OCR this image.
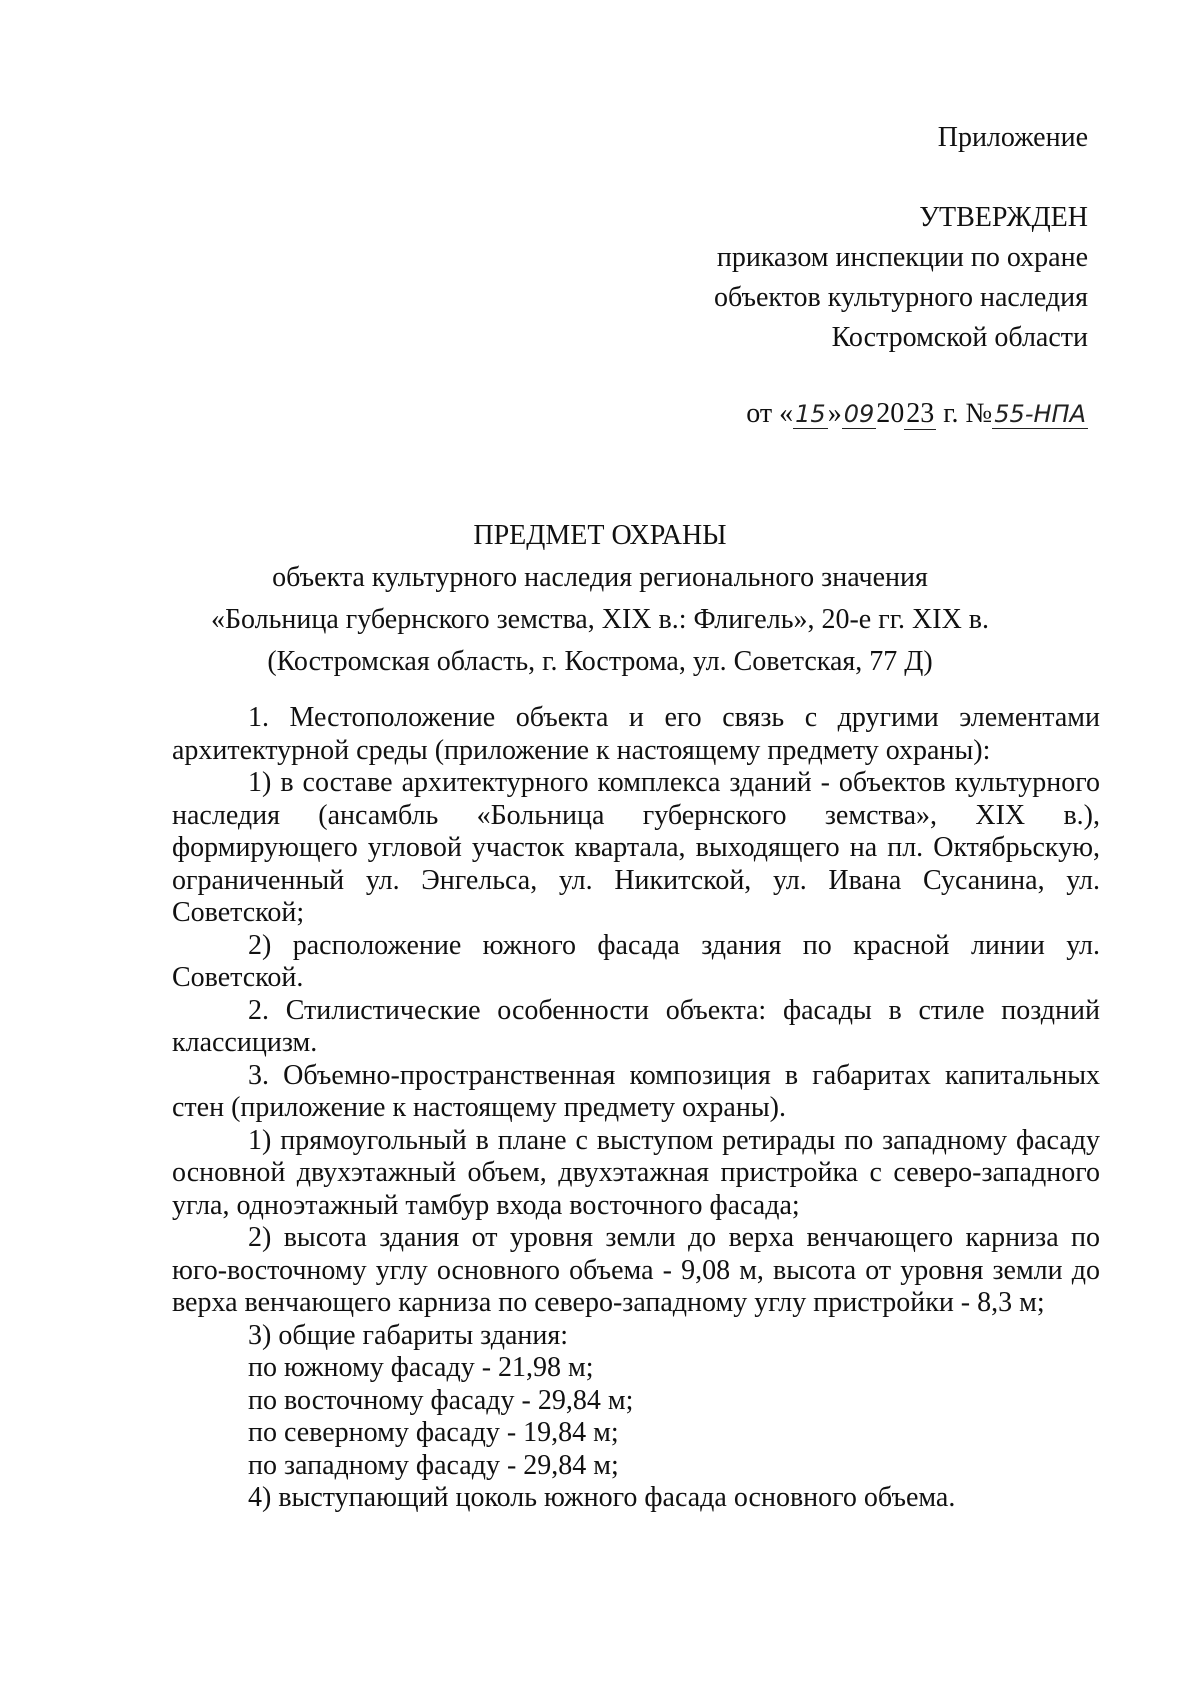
Приложение
УТВЕРЖДЕН
приказом инспекции по охране
объектов культурного наследия
Костромской области
от «15»092023 г. №55-НПА
ПРЕДМЕТ ОХРАНЫ
объекта культурного наследия регионального значения
«Больница губернского земства, XIX в.: Флигель», 20-е гг. XIX в.
(Костромская область, г. Кострома, ул. Советская, 77 Д)

1. Местоположение объекта и его связь с другими элементами архитектурной среды (приложение к настоящему предмету охраны):

1) в составе архитектурного комплекса зданий - объектов культурного наследия (ансамбль «Больница губернского земства», XIX в.), формирующего угловой участок квартала, выходящего на пл. Октябрьскую, ограниченный ул. Энгельса, ул. Никитской, ул. Ивана Сусанина, ул. Советской;

2) расположение южного фасада здания по красной линии ул. Советской.

2. Стилистические особенности объекта: фасады в стиле поздний классицизм.

3. Объемно-пространственная композиция в габаритах капитальных стен (приложение к настоящему предмету охраны).

1) прямоугольный в плане с выступом ретирады по западному фасаду основной двухэтажный объем, двухэтажная пристройка с северо-западного угла, одноэтажный тамбур входа восточного фасада;

2) высота здания от уровня земли до верха венчающего карниза по юго-восточному углу основного объема - 9,08 м, высота от уровня земли до верха венчающего карниза по северо-западному углу пристройки - 8,3 м;

3) общие габариты здания:

по южному фасаду - 21,98 м;

по восточному фасаду - 29,84 м;

по северному фасаду - 19,84 м;

по западному фасаду - 29,84 м;

4) выступающий цоколь южного фасада основного объема.
